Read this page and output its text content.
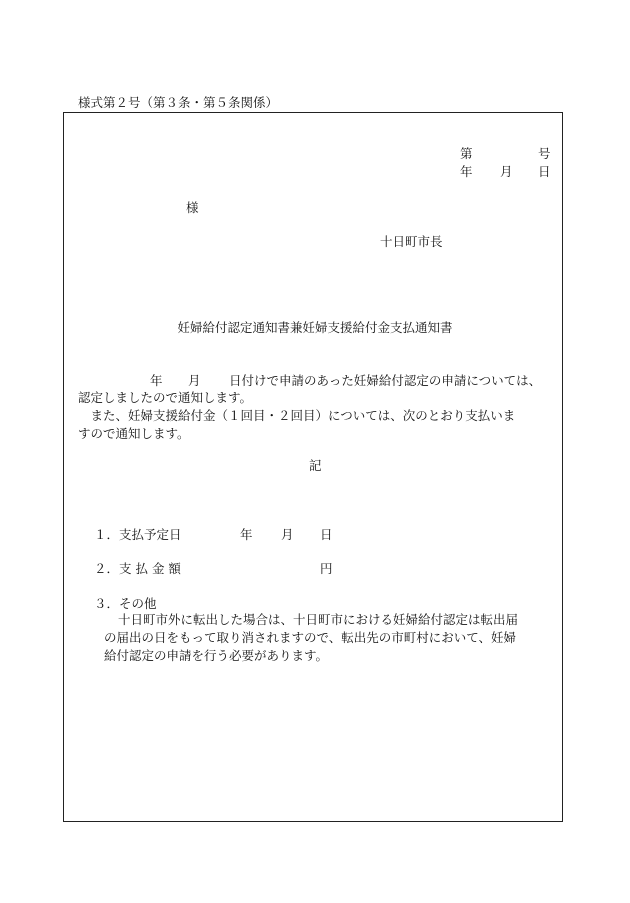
様式第２号（第３条・第５条関係）
第	号
年 月 日
様
十日町市長
妊婦給付認定通知書兼妊婦支援給付金支払通知書
年 月 日付けで申請のあった妊婦給付認定の申請については、
認定しましたので通知します。
　また、妊婦支援給付金（１回目・２回目）については、次のとおり支払いま
すので通知します。
記
１．支払予定日	年 月 日
２．支 払 金 額	円
３．その他
十日町市外に転出した場合は、十日町市における妊婦給付認定は転出届
の届出の日をもって取り消されますので、転出先の市町村において、妊婦
給付認定の申請を行う必要があります。
